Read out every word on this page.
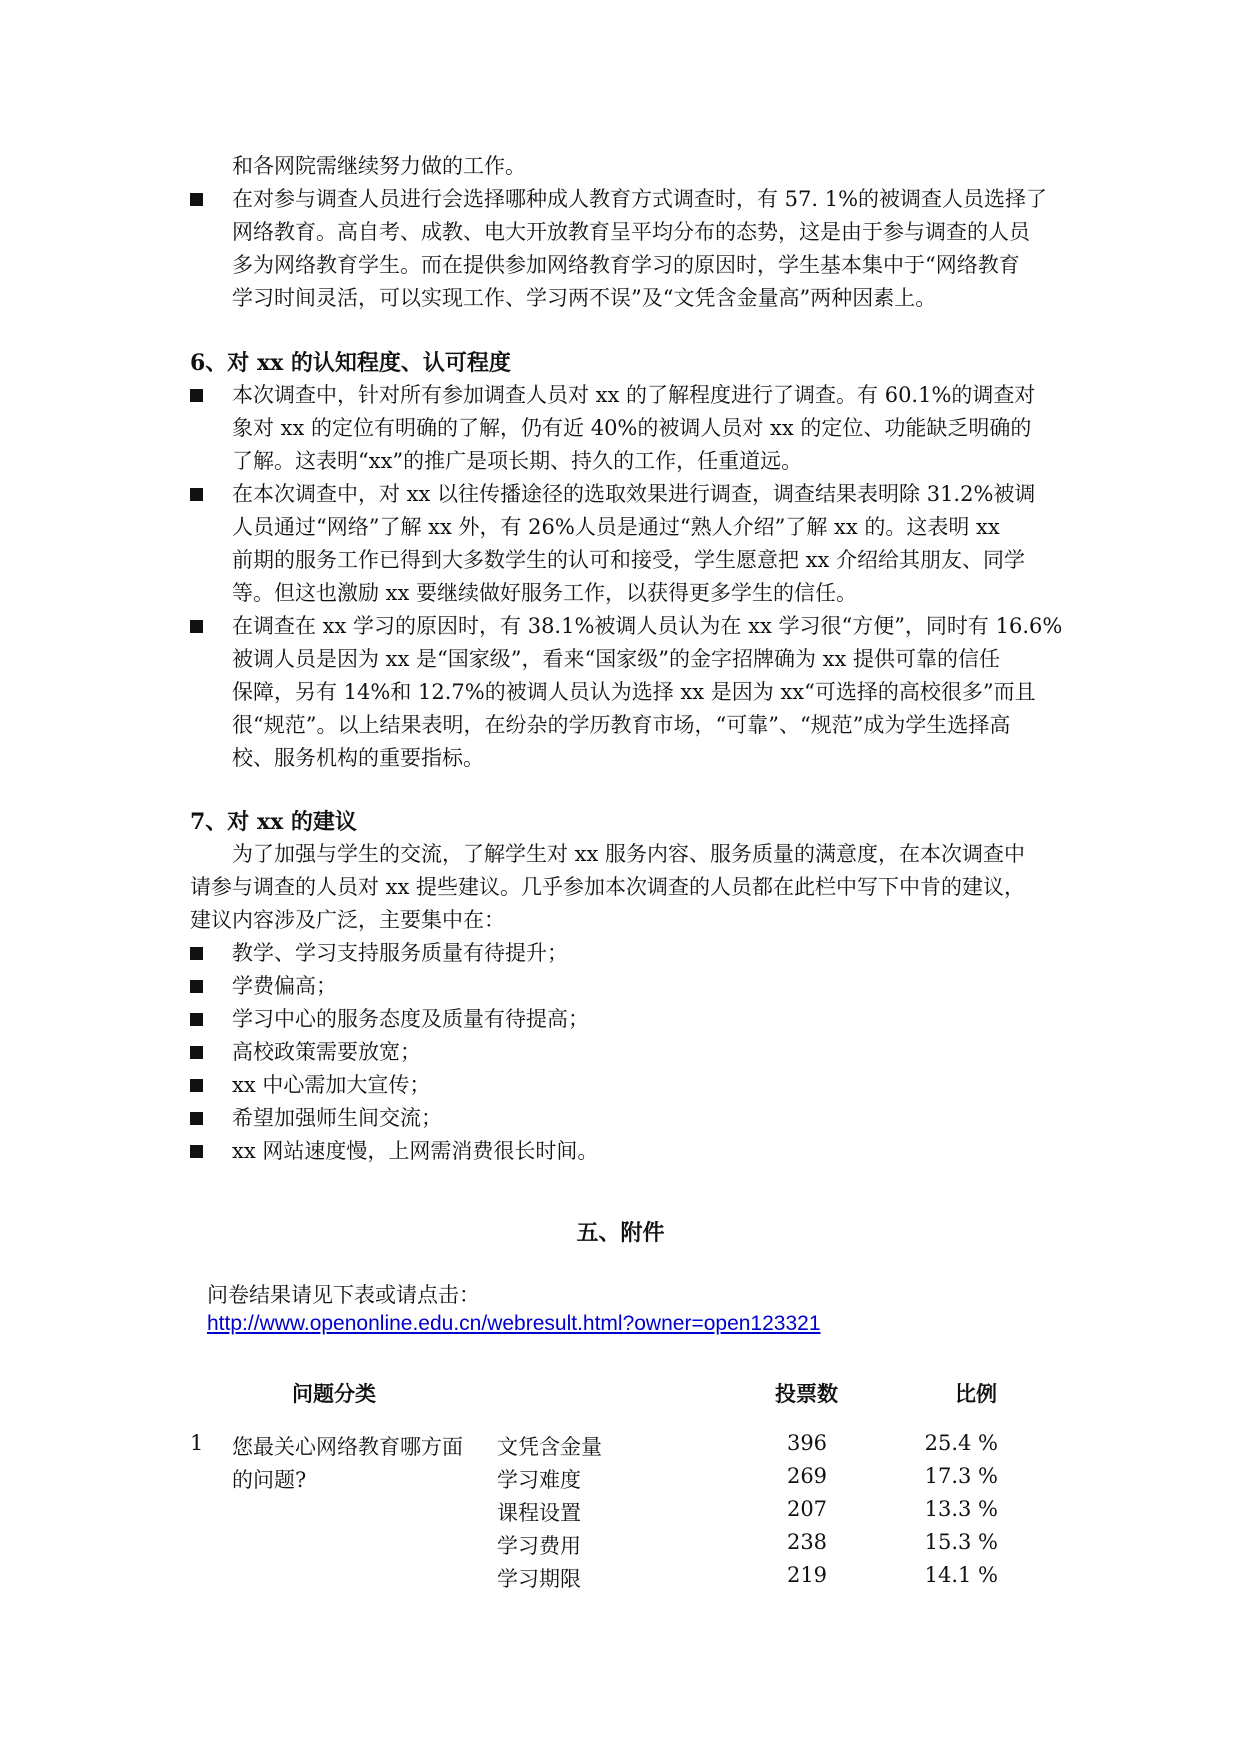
和各网院需继续努力做的工作。
在对参与调查人员进行会选择哪种成人教育方式调查时，有 57. 1%的被调查人员选择了
网络教育。高自考、成教、电大开放教育呈平均分布的态势，这是由于参与调查的人员
多为网络教育学生。而在提供参加网络教育学习的原因时，学生基本集中于“网络教育
学习时间灵活，可以实现工作、学习两不误”及“文凭含金量高”两种因素上。
6、对 xx 的认知程度、认可程度
本次调查中，针对所有参加调查人员对 xx 的了解程度进行了调查。有 60.1%的调查对
象对 xx 的定位有明确的了解，仍有近 40%的被调人员对 xx 的定位、功能缺乏明确的
了解。这表明“xx”的推广是项长期、持久的工作，任重道远。
在本次调查中，对 xx 以往传播途径的选取效果进行调查，调查结果表明除 31.2%被调
人员通过“网络”了解 xx 外，有 26%人员是通过“熟人介绍”了解 xx 的。这表明 xx
前期的服务工作已得到大多数学生的认可和接受，学生愿意把 xx 介绍给其朋友、同学
等。但这也激励 xx 要继续做好服务工作，以获得更多学生的信任。
在调查在 xx 学习的原因时，有 38.1%被调人员认为在 xx 学习很“方便”，同时有 16.6%
被调人员是因为 xx 是“国家级”，看来“国家级”的金字招牌确为 xx 提供可靠的信任
保障，另有 14%和 12.7%的被调人员认为选择 xx 是因为 xx“可选择的高校很多”而且
很“规范”。以上结果表明，在纷杂的学历教育市场，“可靠”、“规范”成为学生选择高
校、服务机构的重要指标。
7、对 xx 的建议
为了加强与学生的交流，了解学生对 xx 服务内容、服务质量的满意度，在本次调查中
请参与调查的人员对 xx 提些建议。几乎参加本次调查的人员都在此栏中写下中肯的建议，
建议内容涉及广泛，主要集中在：
教学、学习支持服务质量有待提升；
学费偏高；
学习中心的服务态度及质量有待提高；
高校政策需要放宽；
xx 中心需加大宣传；
希望加强师生间交流；
xx 网站速度慢，上网需消费很长时间。
五、附件
问卷结果请见下表或请点击：
http://www.openonline.edu.cn/webresult.html?owner=open123321
问题分类	投票数	比例
1 您最关心网络教育哪方面
的问题?
文凭含金量	396	25.4 %
学习难度	269	17.3 %
课程设置	207	13.3 %
学习费用	238	15.3 %
学习期限	219	14.1 %
